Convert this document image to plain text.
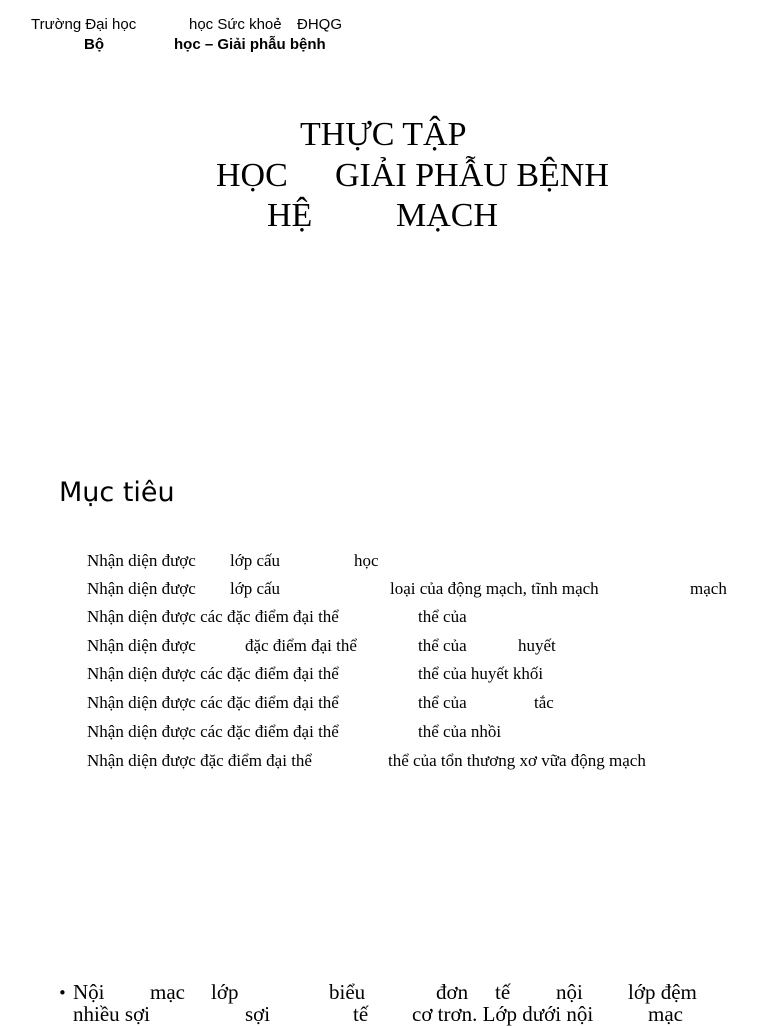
Trường Đại học	học Sức khoẻ ĐHQG
Bộ	học – Giải phẫu bệnh
THỰC TẬP
HỌC GIẢI PHẪU BỆNH
HỆ MẠCH
Mục tiêu
Nhận diện được lớp cấu	học
Nhận diện được lớp cấu	loại của động mạch, tĩnh mạch	mạch
Nhận diện được các đặc điểm đại thể	thể của
Nhận diện được	đặc điểm đại thể	thể của	huyết
Nhận diện được các đặc điểm đại thể	thể của huyết khối
Nhận diện được các đặc điểm đại thể	thể của	tắc
Nhận diện được các đặc điểm đại thể	thể của nhồi
Nhận diện được đặc điểm đại thể	thể của tổn thương xơ vữa động mạch
• Nội mạc lớp	biểu	đơn tế nội lớp đệm
nhiều sợi	sợi	tế cơ trơn. Lớp dưới nội	mạc
